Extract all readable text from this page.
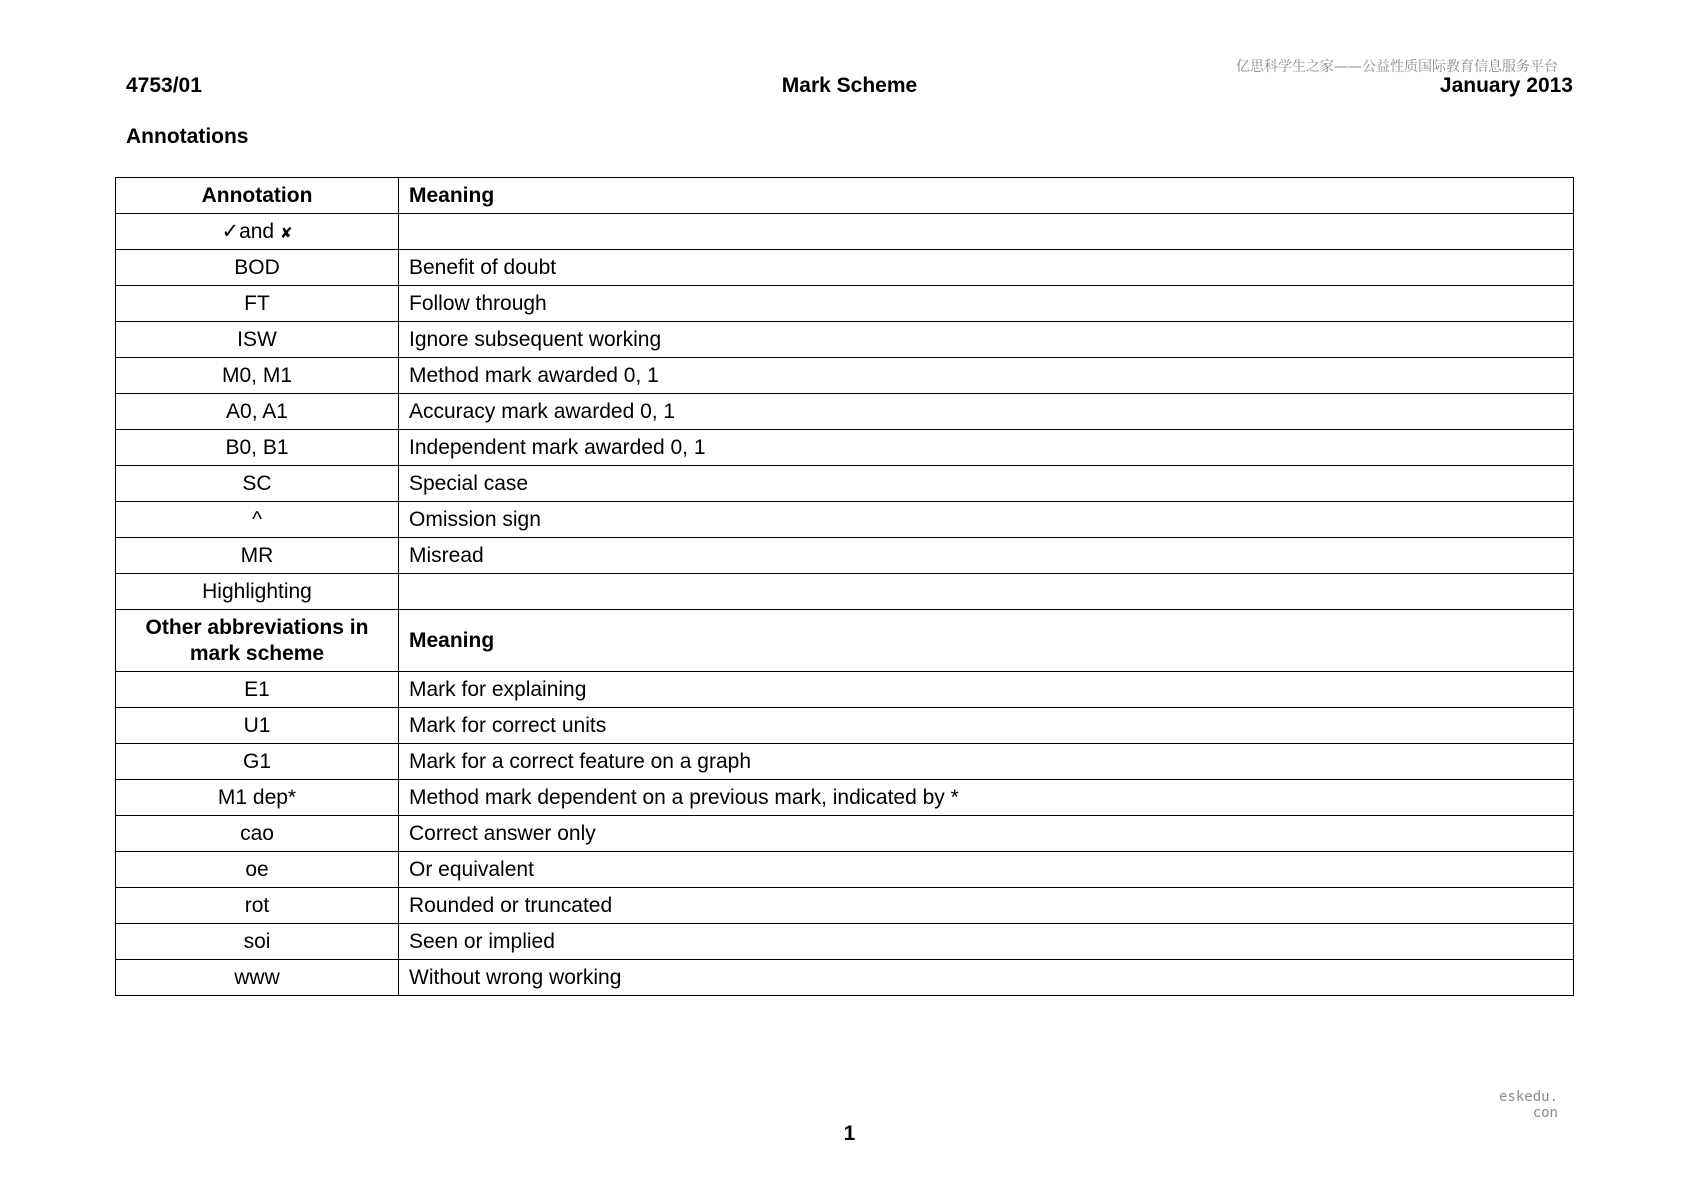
亿思科学生之家——公益性质国际教育信息服务平台
4753/01	Mark Scheme	January 2013
Annotations
Annotation	Meaning
✓and ✘	
BOD	Benefit of doubt
FT	Follow through
ISW	Ignore subsequent working
M0, M1	Method mark awarded 0, 1
A0, A1	Accuracy mark awarded 0, 1
B0, B1	Independent mark awarded 0, 1
SC	Special case
^	Omission sign
MR	Misread
Highlighting	
Other abbreviations in
mark scheme	Meaning
E1	Mark for explaining
U1	Mark for correct units
G1	Mark for a correct feature on a graph
M1 dep*	Method mark dependent on a previous mark, indicated by *
cao	Correct answer only
oe	Or equivalent
rot	Rounded or truncated
soi	Seen or implied
www	Without wrong working
eskedu. con
1
